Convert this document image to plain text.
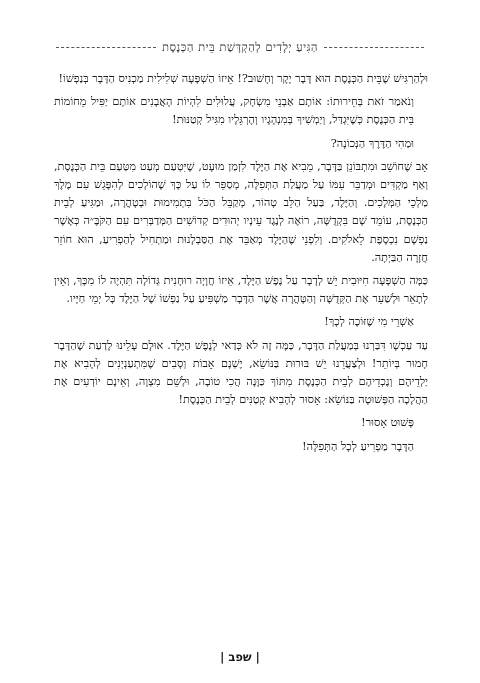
הַגִּיעַ יְלָדִים לְהַקְדָּשַׁת בֵּית הַכְּנֶסֶת

וּלְהַרְגִּישׁ שֶׁבֵּית הַכְּנֶסֶת הוּא דָּבָר יָקָר וְחָשׁוּב?! אֵיזוֹ הַשְׁפָּעָה שְׁלִילִית מַכְנִיס הַדָּבָר בְּנַפְשׁוֹ!

וְנֹאמַר זֹאת בְּחֵירוּתוֹ: אוֹתָם אַבְנֵי מִשְׂחָק, עֲלוּלִים לִהְיוֹת הָאֲבָנִים אוֹתָם יַפִּיל מֵחוֹמוֹת בֵּית הַכְּנֶסֶת כְּשֶׁיִּגְדַּל, וְיַמְשִׁיךְ בְּמִנְהָגָיו וְהֶרְגֵּלָיו מִגִּיל קְטַנּוּת!

וּמַהִי הַדֶּרֶךְ הַנְּכוֹנָה?

אָב שֶׁחוֹשֵׁב וּמִתְבּוֹנֵן בַּדָּבָר, מֵבִיא אֶת הַיֶּלֶד לִזְמַן מוּעָט, שֶׁיִּטְעַם מְעַט מִטַּעַם בֵּית הַכְּנֶסֶת, וְאַף מַקְדִּים וּמְדַבֵּר עִמּוֹ עַל מַעֲלַת הַתְּפִלָּה, מְסַפֵּר לוֹ עַל כָּךְ שֶׁהוֹלְכִים לְהִפָּגֵשׁ עִם מֶלֶךְ מַלְכֵי הַמְּלָכִים. וְהַיֶּלֶד, בַּעַל הַלֵּב טָהוֹר, מְקַבֵּל הַכֹּל בִּתְמִימוּת וּבְטָהֳרָה, וּמַגִּיעַ לְבֵית הַכְּנֶסֶת, עוֹמֵד שָׁם בִּקְדֻשָּׁה, רוֹאֶה לְנֶגֶד עֵינָיו יְהוּדִים קְדוֹשִׁים הַמְּדַבְּרִים עִם הַקֹּבֶּ״ה כְּאָשֶׁר נַפְשָׁם נִכְסֶפֶת לֵאלֹקִים. וְלִפְנֵי שֶׁהַיֶּלֶד מְאַבֵּד אֶת הַסַּבְלָנוּת וּמַתְחִיל לְהַפְרִיעַ, הוּא חוֹזֵר חֲזָרָה הַבַּיְתָה.

כַּמָּה הַשְׁפָּעָה חִיּוּבִית יֵשׁ לְדָבָר עַל נֶפֶשׁ הַיֶּלֶד, אֵיזוֹ חֲוָיָה רוּחָנִית גְּדוֹלָה תִּהְיֶה לוֹ מִכָּךְ, וְאֵין לְתָאֵר וּלְשַׁעֵר אֶת הַקְּדֻשָּׁה וְהַטָּהֳרָה אֲשֶׁר הַדָּבָר מַשְׁפִּיעַ עַל נַפְשׁוֹ שֶׁל הַיֶּלֶד כָּל יְמֵי חַיָּיו.

אַשְׁרֵי מִי שֶׁזּוֹכֶה לְכָךְ!

עַד עַכְשָׁו דִּבַּרְנוּ בְּמַעֲלַת הַדָּבָר, כַּמָּה זֶה לֹא כְּדַאי לְנֶפֶשׁ הַיֶּלֶד. אוּלָם עָלֵינוּ לָדַעַת שֶׁהַדָּבָר חָמוּר בְּיוֹתֵר! וּלְצַעֲרֵנוּ יֵשׁ בּוּרוּת בַּנּוֹשֵׂא, יֶשְׁנָם אָבוֹת וְסָבִים שֶׁמִּתְעַנְיְנִים לְהָבִיא אֶת יַלְדֵיהֶם וְנֶכְדֵיהֶם לְבֵית הַכְּנֶסֶת מִתּוֹךְ כַּוָּנָה הֲכִי טוֹבָה, וּלְשֵׁם מִצְוָה, וְאֵינָם יוֹדְעִים אֶת הַהֲלָכָה הַפְּשׁוּטָה בַּנּוֹשֵׂא: אָסוּר לְהָבִיא קְטַנִּים לְבֵית הַכְּנֶסֶת!

פָּשׁוּט אָסוּר!

הַדָּבָר מַפְרִיעַ לְכָל הַתְּפִלָּה!

| שפב |
